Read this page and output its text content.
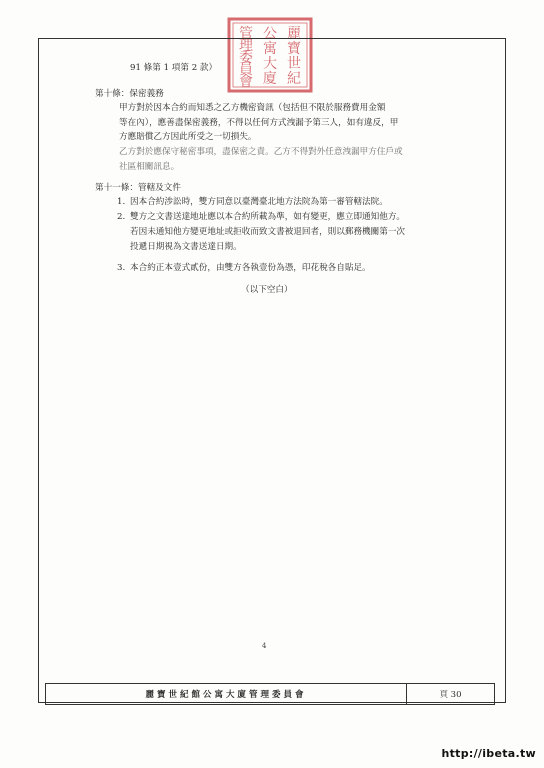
麗
寶
世
紀
公
寓
大
廈
管
理
委
員
會
91 條第 1 項第 2 款）
第十條：保密義務
甲方對於因本合約而知悉之乙方機密資訊（包括但不限於服務費用金額
等在內），應善盡保密義務，不得以任何方式洩漏予第三人，如有違反，甲
方應賠償乙方因此所受之一切損失。
乙方對於應保守秘密事項，盡保密之責。乙方不得對外任意洩漏甲方住戶或
社區相關訊息。
第十一條：管轄及文件
1. 因本合約涉訟時，雙方同意以臺灣臺北地方法院為第一審管轄法院。
2. 雙方之文書送達地址應以本合約所載為準，如有變更，應立即通知他方。
若因未通知他方變更地址或拒收而致文書被退回者，則以郵務機關第一次
投遞日期視為文書送達日期。
3. 本合約正本壹式貳份，由雙方各執壹份為憑，印花稅各自貼足。
（以下空白）
4
麗寶世紀館公寓大廈管理委員會	頁 30
http://ibeta.tw
